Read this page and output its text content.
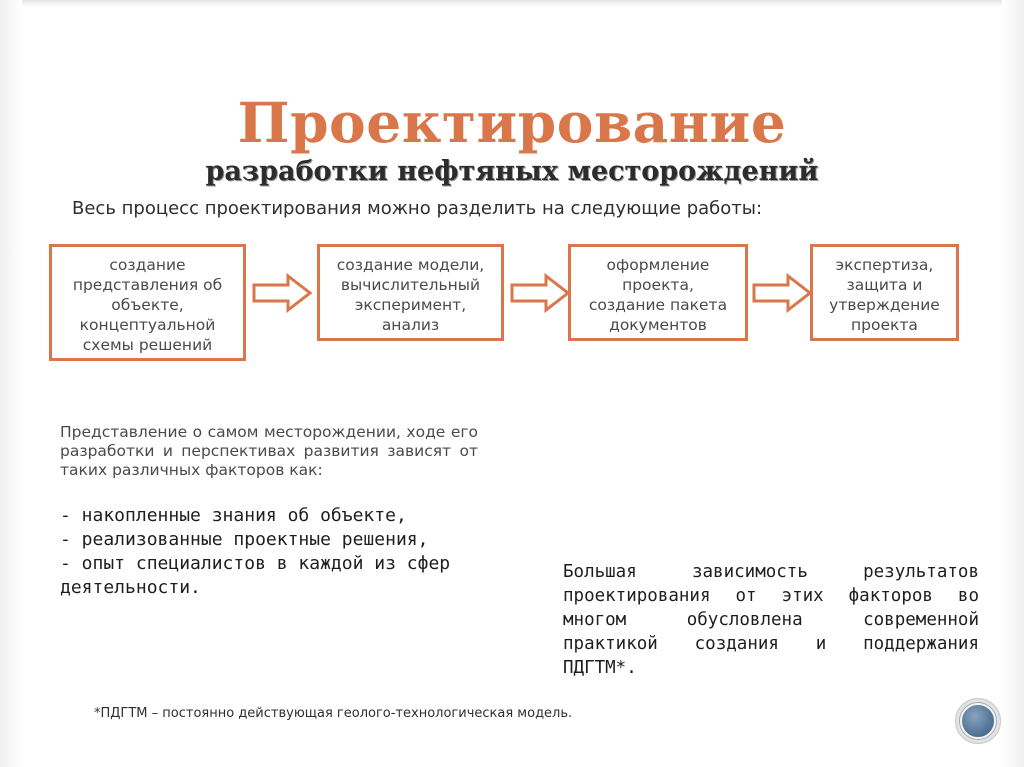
Проектирование
разработки нефтяных месторождений

Весь процесс проектирования можно разделить на следующие работы:

создание
представления об
объекте,
концептуальной
схемы решений
создание модели,
вычислительный
эксперимент,
анализ
оформление
проекта,
создание пакета
документов
экспертиза,
защита и
утверждение
проекта

Представление о самом месторождении, ходе его разработки и перспективах развития зависят от таких различных факторов как:

- накопленные знания об объекте,
- реализованные проектные решения,
- опыт специалистов в каждой из сфер деятельности.

Большая зависимость результатов проектирования от этих факторов во многом обусловлена современной практикой создания и поддержания ПДГТМ*.

*ПДГТМ – постоянно действующая геолого-технологическая модель.
